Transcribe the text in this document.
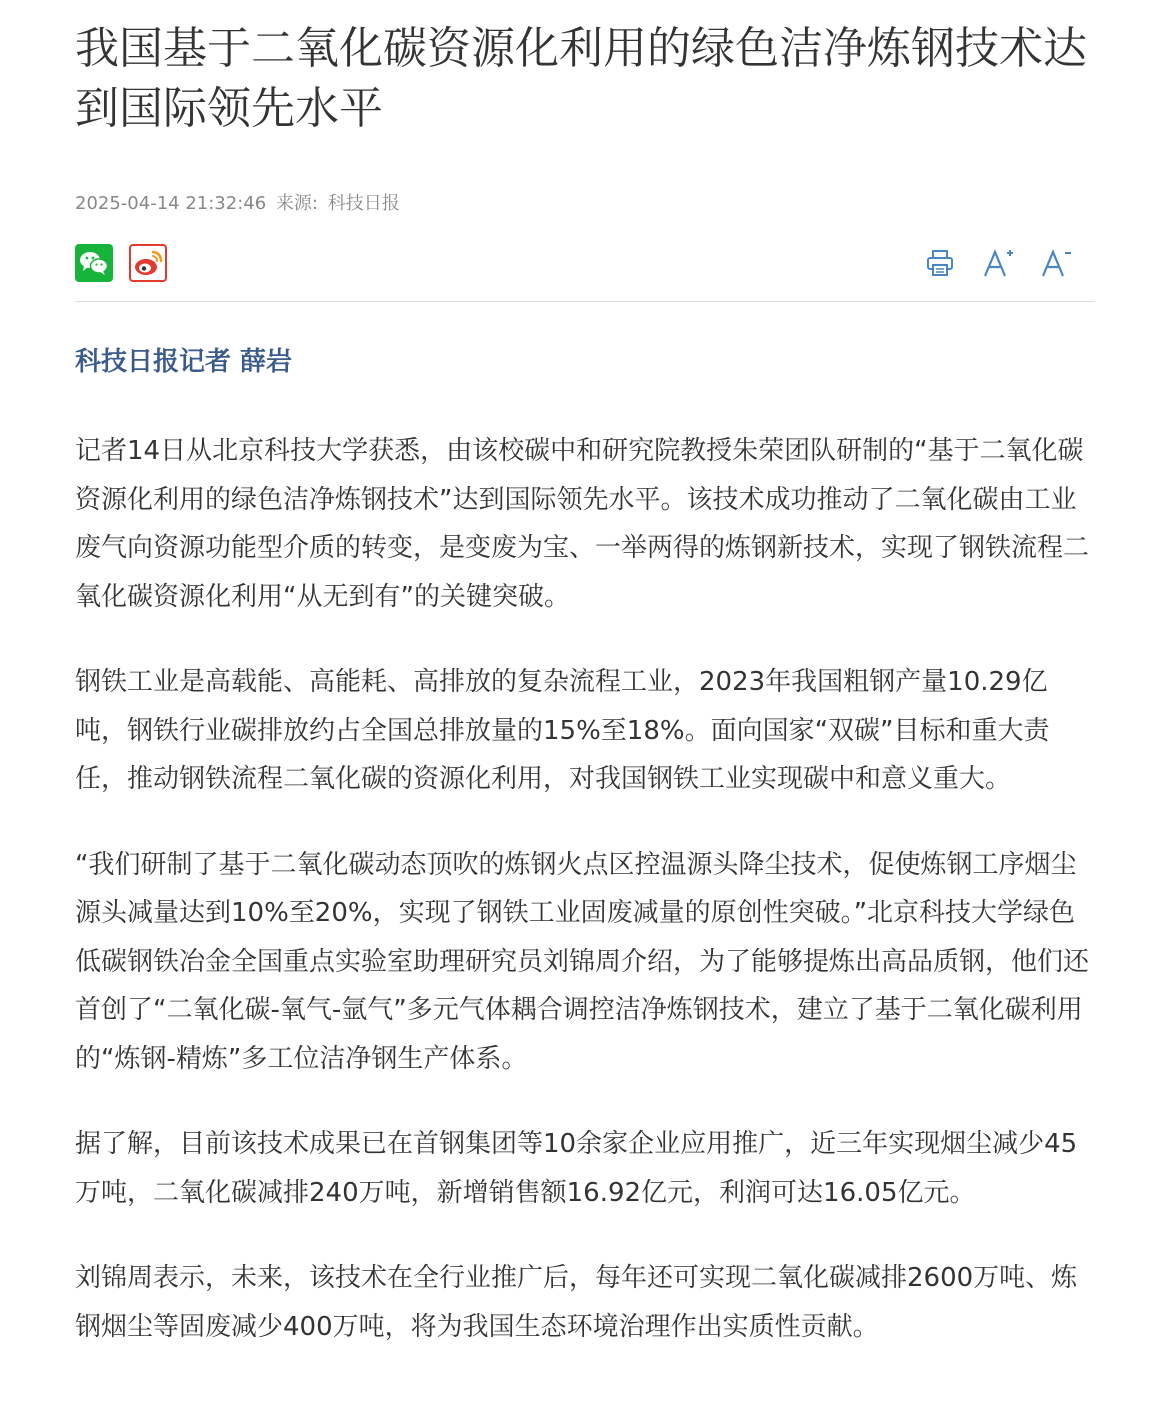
我国基于二氧化碳资源化利用的绿色洁净炼钢技术达到国际领先水平
2025-04-14 21:32:46 来源: 科技日报
科技日报记者 薛岩

记者14日从北京科技大学获悉，由该校碳中和研究院教授朱荣团队研制的“基于二氧化碳资源化利用的绿色洁净炼钢技术”达到国际领先水平。该技术成功推动了二氧化碳由工业废气向资源功能型介质的转变，是变废为宝、一举两得的炼钢新技术，实现了钢铁流程二氧化碳资源化利用“从无到有”的关键突破。

钢铁工业是高载能、高能耗、高排放的复杂流程工业，2023年我国粗钢产量10.29亿吨，钢铁行业碳排放约占全国总排放量的15%至18%。面向国家“双碳”目标和重大责任，推动钢铁流程二氧化碳的资源化利用，对我国钢铁工业实现碳中和意义重大。

“我们研制了基于二氧化碳动态顶吹的炼钢火点区控温源头降尘技术，促使炼钢工序烟尘源头减量达到10%至20%，实现了钢铁工业固废减量的原创性突破。”北京科技大学绿色低碳钢铁冶金全国重点实验室助理研究员刘锦周介绍，为了能够提炼出高品质钢，他们还首创了“二氧化碳-氧气-氩气”多元气体耦合调控洁净炼钢技术，建立了基于二氧化碳利用的“炼钢-精炼”多工位洁净钢生产体系。

据了解，目前该技术成果已在首钢集团等10余家企业应用推广，近三年实现烟尘减少45万吨，二氧化碳减排240万吨，新增销售额16.92亿元，利润可达16.05亿元。

刘锦周表示，未来，该技术在全行业推广后，每年还可实现二氧化碳减排2600万吨、炼钢烟尘等固废减少400万吨，将为我国生态环境治理作出实质性贡献。
